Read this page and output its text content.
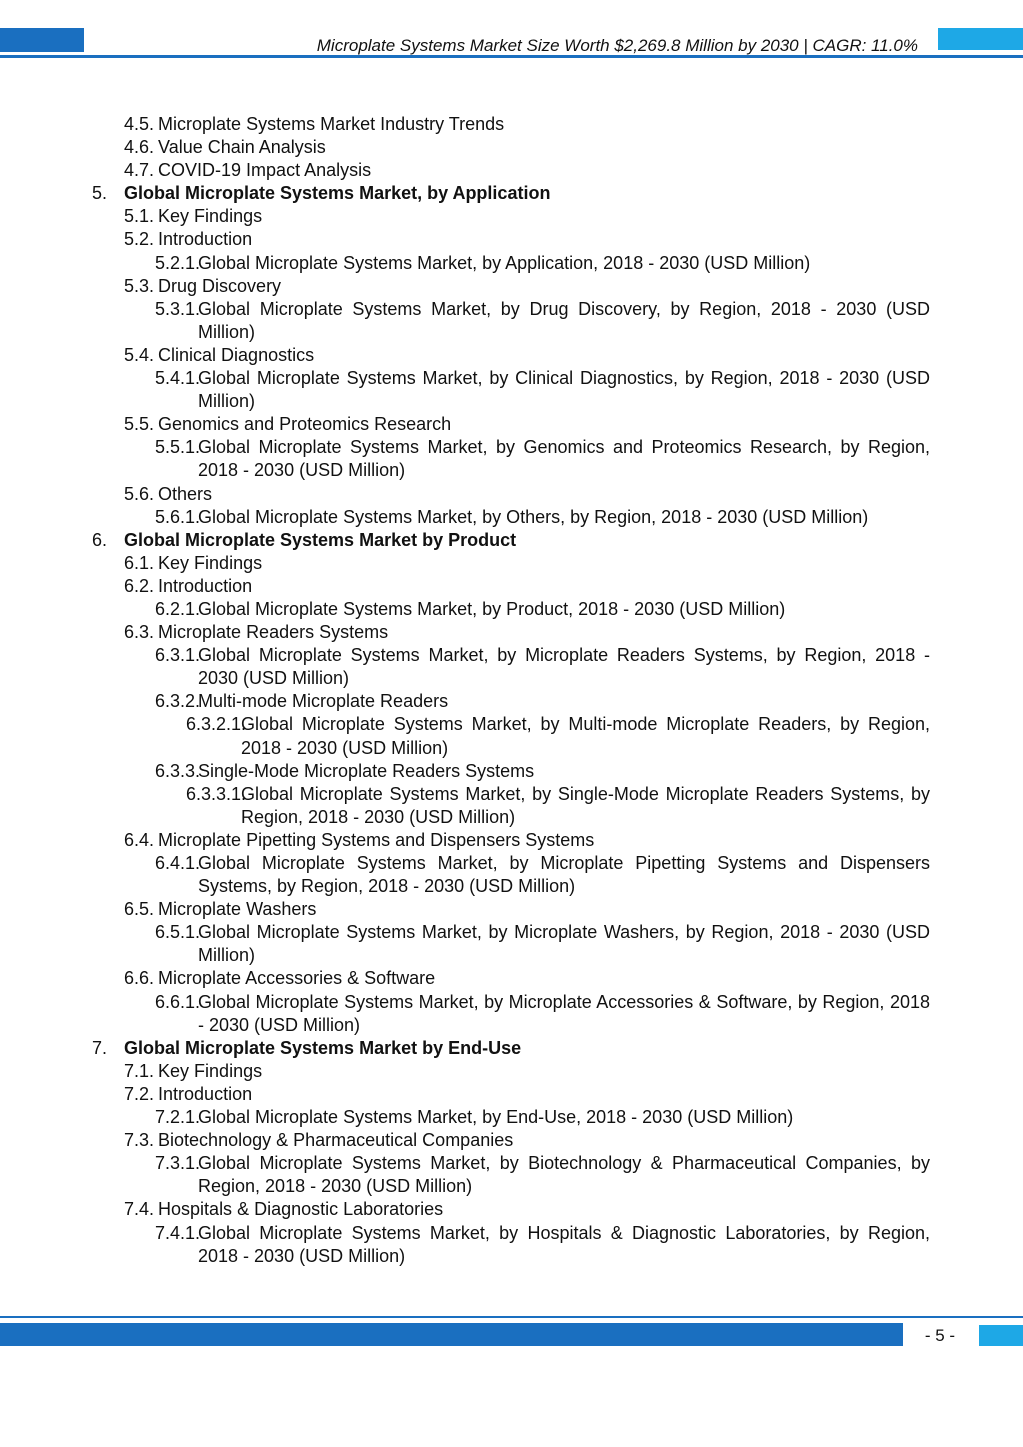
Microplate Systems Market Size Worth $2,269.8 Million by 2030 | CAGR: 11.0%
4.5. Microplate Systems Market Industry Trends
4.6. Value Chain Analysis
4.7. COVID-19 Impact Analysis
5. Global Microplate Systems Market, by Application
5.1. Key Findings
5.2. Introduction
5.2.1.
Global Microplate Systems Market, by Application, 2018 - 2030 (USD Million)
5.3. Drug Discovery
5.3.1.
Global Microplate Systems Market, by Drug Discovery, by Region, 2018 - 2030 (USD Million)
5.4. Clinical Diagnostics
5.4.1.
Global Microplate Systems Market, by Clinical Diagnostics, by Region, 2018 - 2030 (USD Million)
5.5. Genomics and Proteomics Research
5.5.1.
Global Microplate Systems Market, by Genomics and Proteomics Research, by Region, 2018 - 2030 (USD Million)
5.6. Others
5.6.1.
Global Microplate Systems Market, by Others, by Region, 2018 - 2030 (USD Million)
6. Global Microplate Systems Market by Product
6.1. Key Findings
6.2. Introduction
6.2.1.
Global Microplate Systems Market, by Product, 2018 - 2030 (USD Million)
6.3. Microplate Readers Systems
6.3.1.
Global Microplate Systems Market, by Microplate Readers Systems, by Region, 2018 - 2030 (USD Million)
6.3.2.
Multi-mode Microplate Readers
6.3.2.1.
Global Microplate Systems Market, by Multi-mode Microplate Readers, by Region, 2018 - 2030 (USD Million)
6.3.3.
Single-Mode Microplate Readers Systems
6.3.3.1.
Global Microplate Systems Market, by Single-Mode Microplate Readers Systems, by Region, 2018 - 2030 (USD Million)
6.4. Microplate Pipetting Systems and Dispensers Systems
6.4.1.
Global Microplate Systems Market, by Microplate Pipetting Systems and Dispensers Systems, by Region, 2018 - 2030 (USD Million)
6.5. Microplate Washers
6.5.1.
Global Microplate Systems Market, by Microplate Washers, by Region, 2018 - 2030 (USD Million)
6.6. Microplate Accessories & Software
6.6.1.
Global Microplate Systems Market, by Microplate Accessories & Software, by Region, 2018 - 2030 (USD Million)
7. Global Microplate Systems Market by End-Use
7.1. Key Findings
7.2. Introduction
7.2.1.
Global Microplate Systems Market, by End-Use, 2018 - 2030 (USD Million)
7.3. Biotechnology & Pharmaceutical Companies
7.3.1.
Global Microplate Systems Market, by Biotechnology & Pharmaceutical Companies, by Region, 2018 - 2030 (USD Million)
7.4. Hospitals & Diagnostic Laboratories
7.4.1.
Global Microplate Systems Market, by Hospitals & Diagnostic Laboratories, by Region, 2018 - 2030 (USD Million)
- 5 -
